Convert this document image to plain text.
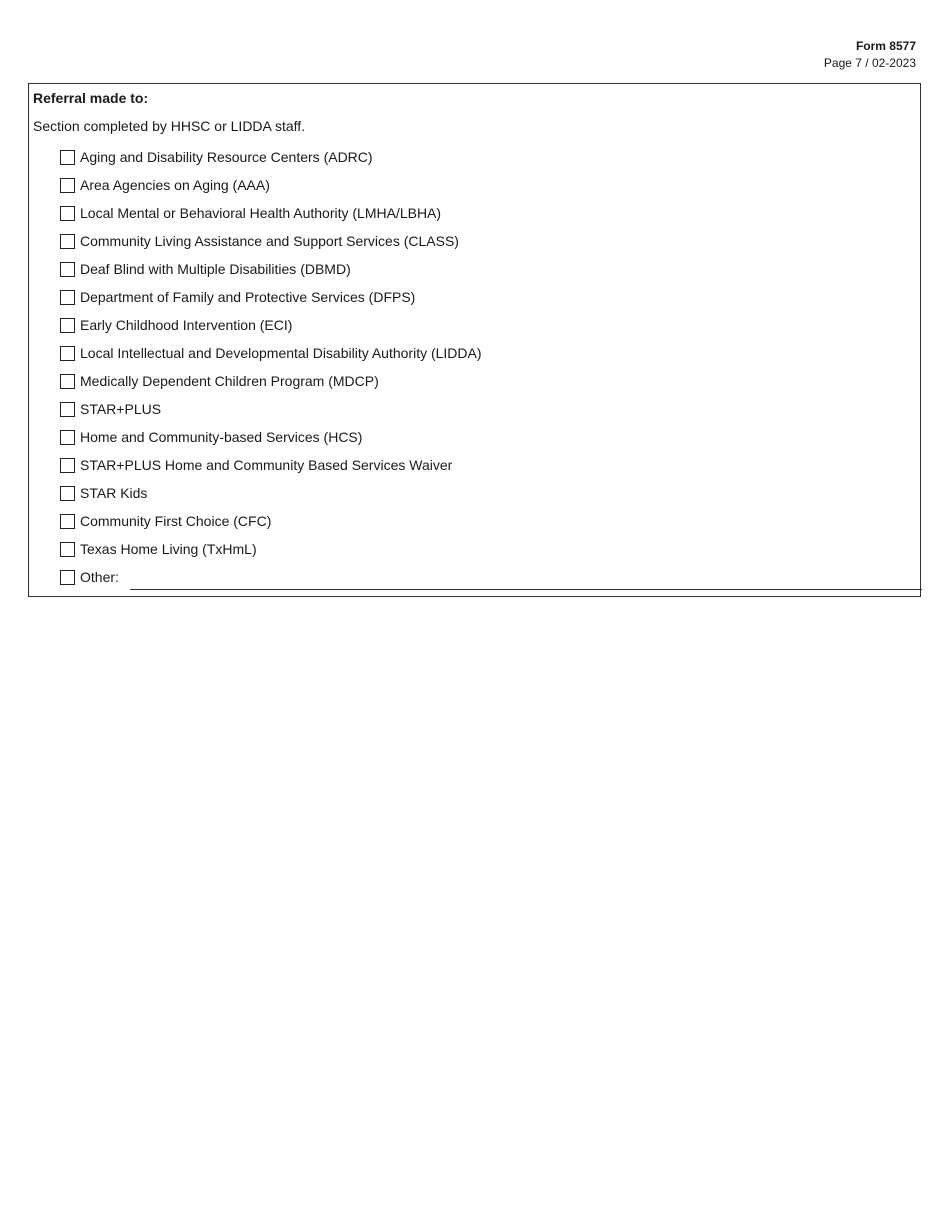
Form 8577
Page 7 / 02-2023
Referral made to:
Section completed by HHSC or LIDDA staff.
Aging and Disability Resource Centers (ADRC)
Area Agencies on Aging (AAA)
Local Mental or Behavioral Health Authority (LMHA/LBHA)
Community Living Assistance and Support Services (CLASS)
Deaf Blind with Multiple Disabilities (DBMD)
Department of Family and Protective Services (DFPS)
Early Childhood Intervention (ECI)
Local Intellectual and Developmental Disability Authority (LIDDA)
Medically Dependent Children Program (MDCP)
STAR+PLUS
Home and Community-based Services (HCS)
STAR+PLUS Home and Community Based Services Waiver
STAR Kids
Community First Choice (CFC)
Texas Home Living (TxHmL)
Other:
